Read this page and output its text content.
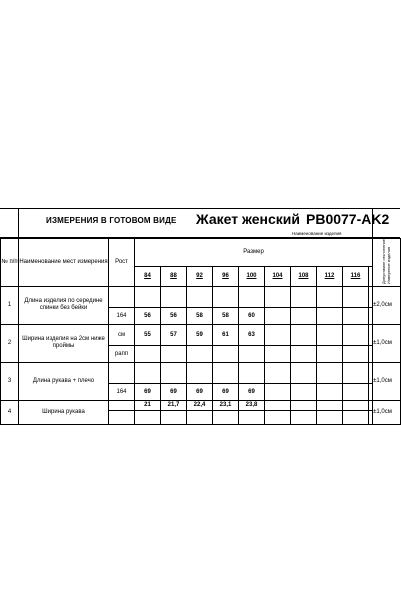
ИЗМЕРЕНИЯ В ГОТОВОМ ВИДЕ Жакет женский PB0077-AK2
Наименование изделия
№ п/п	Наименование мест измерения	Рост	Размер										Допустимое отклонение Измерение изделия
			84	88	92	96	100	104	108	112	116		
1	Длина изделия по середине спинки без бейки												±2,0см
		164	56	56	58	58	60						
2	Ширина изделия на 2см ниже проймы	см	55	57	59	61	63						±1,0см
		рапп											
3	Длина рукава + плечо												±1,0см
		164	69	69	69	69	69						
4	Ширина рукава		21	21,7	22,4	23,1	23,8						±1,0см
